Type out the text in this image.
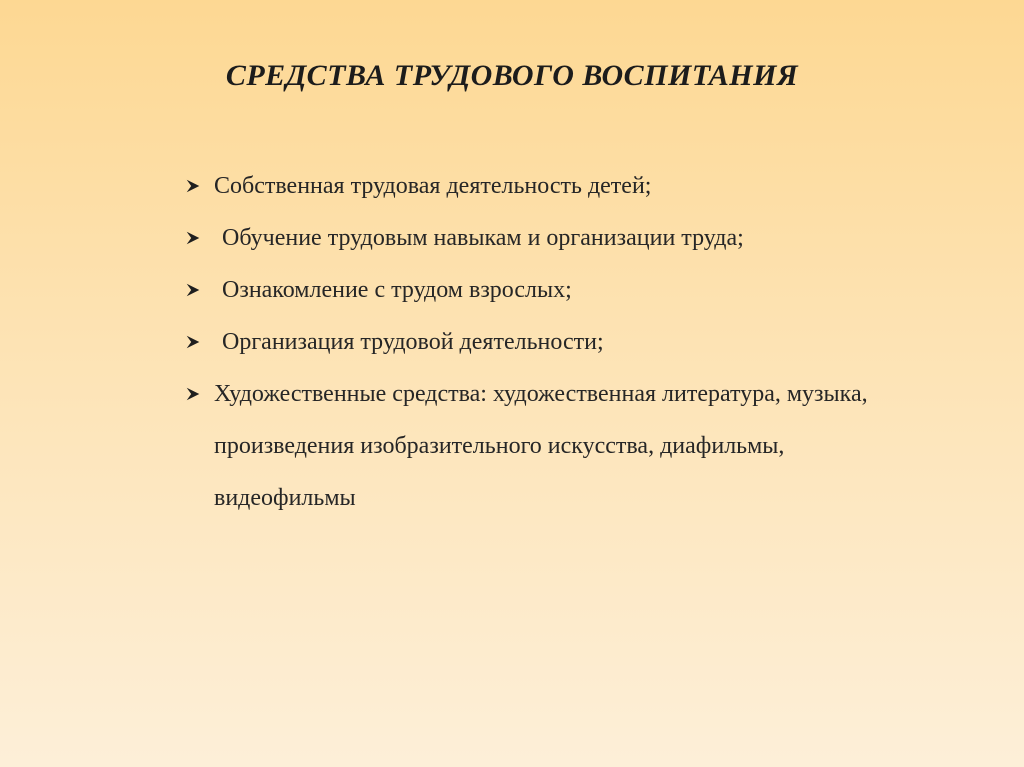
СРЕДСТВА ТРУДОВОГО ВОСПИТАНИЯ
Собственная трудовая деятельность детей;
Обучение трудовым навыкам и организации труда;
Ознакомление с трудом взрослых;
Организация трудовой деятельности;
Художественные средства: художественная литература, музыка, произведения изобразительного искусства, диафильмы, видеофильмы
